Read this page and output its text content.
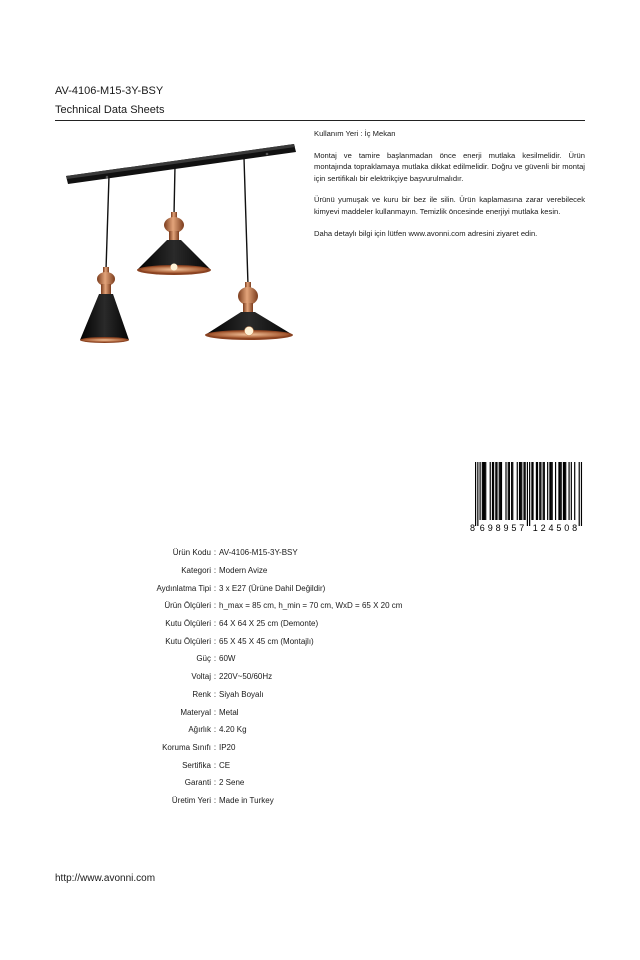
AV-4106-M15-3Y-BSY
Technical Data Sheets

Kullanım Yeri : İç Mekan

Montaj ve tamire başlanmadan önce enerji mutlaka kesilmelidir. Ürün montajında topraklamaya mutlaka dikkat edilmelidir. Doğru ve güvenli bir montaj için sertifikalı bir elektrikçiye başvurulmalıdır.

Ürünü yumuşak ve kuru bir bez ile silin. Ürün kaplamasına zarar verebilecek kimyevi maddeler kullanmayın. Temizlik öncesinde enerjiyi mutlaka kesin.

Daha detaylı bilgi için lütfen www.avonni.com adresini ziyaret edin.

8 6 9 8 9 5 7 1 2 4 5 0 8
Ürün Kodu : AV-4106-M15-3Y-BSY
Kategori : Modern Avize
Aydınlatma Tipi : 3 x E27 (Ürüne Dahil Değildir)
Ürün Ölçüleri : h_max = 85 cm, h_min = 70 cm, WxD = 65 X 20 cm
Kutu Ölçüleri : 64 X 64 X 25 cm (Demonte)
Kutu Ölçüleri : 65 X 45 X 45 cm (Montajlı)
Güç : 60W
Voltaj : 220V~50/60Hz
Renk : Siyah Boyalı
Materyal : Metal
Ağırlık : 4.20 Kg
Koruma Sınıfı : IP20
Sertifika : CE
Garanti : 2 Sene
Üretim Yeri : Made in Turkey
http://www.avonni.com
